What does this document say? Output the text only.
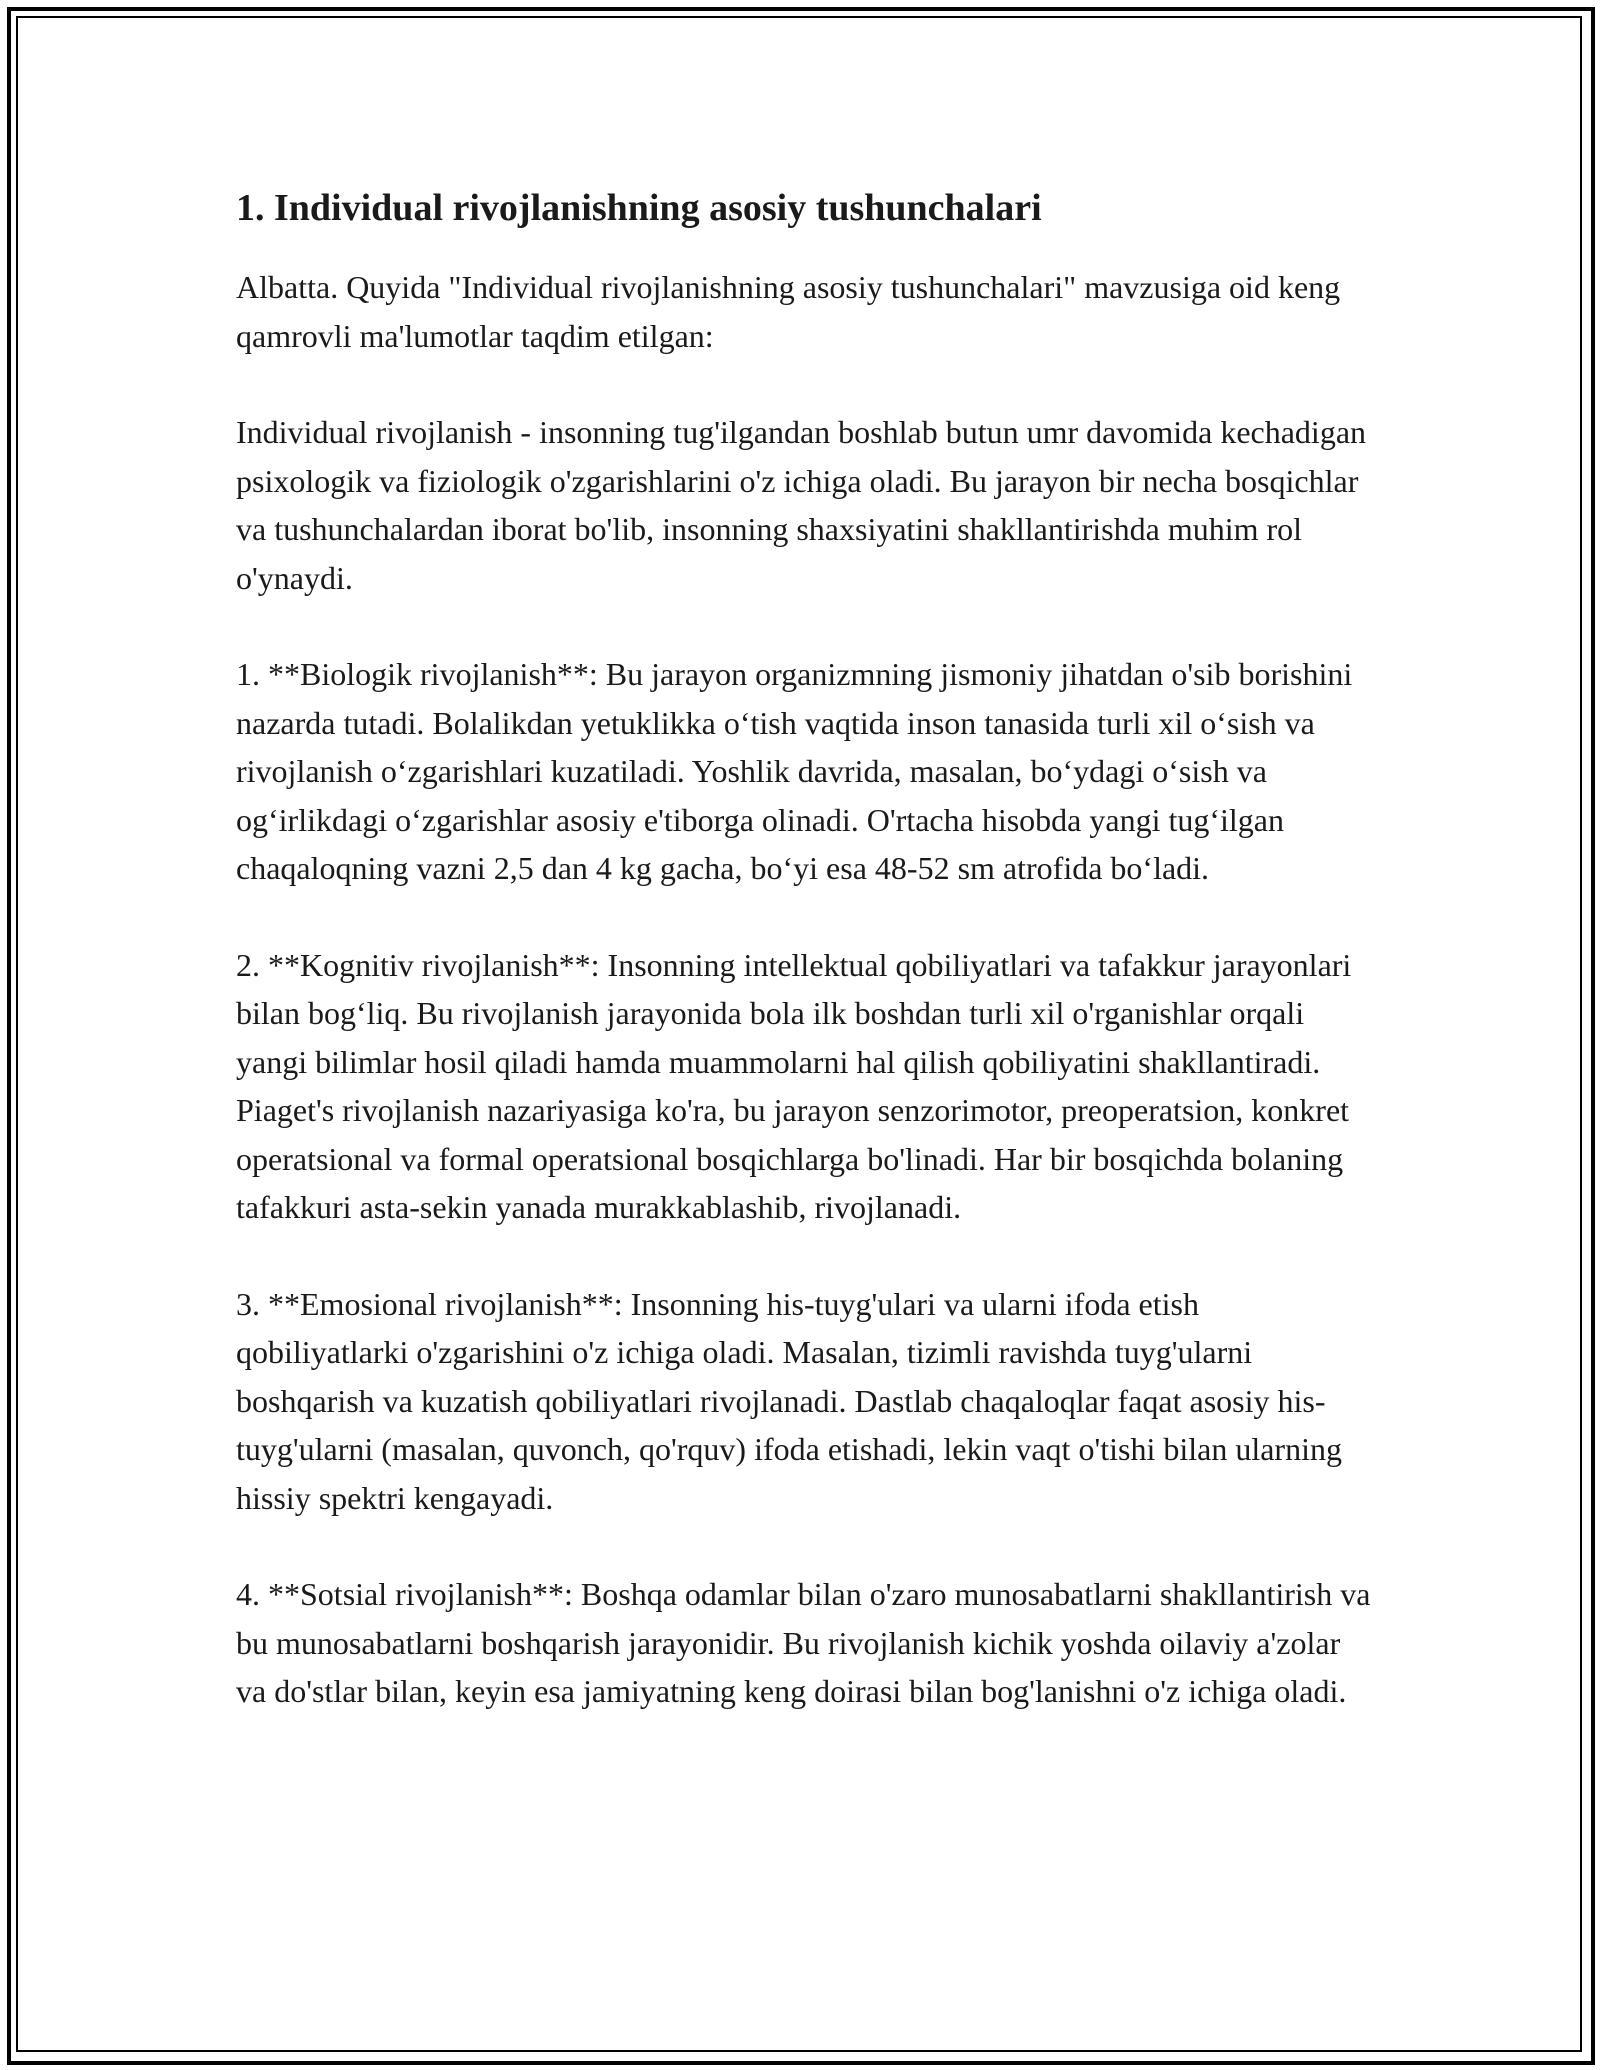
1. Individual rivojlanishning asosiy tushunchalari

Albatta. Quyida "Individual rivojlanishning asosiy tushunchalari" mavzusiga oid keng qamrovli ma'lumotlar taqdim etilgan:

Individual rivojlanish - insonning tug'ilgandan boshlab butun umr davomida kechadigan psixologik va fiziologik o'zgarishlarini o'z ichiga oladi. Bu jarayon bir necha bosqichlar va tushunchalardan iborat bo'lib, insonning shaxsiyatini shakllantirishda muhim rol o'ynaydi.

1. **Biologik rivojlanish**: Bu jarayon organizmning jismoniy jihatdan o'sib borishini nazarda tutadi. Bolalikdan yetuklikka o‘tish vaqtida inson tanasida turli xil o‘sish va rivojlanish o‘zgarishlari kuzatiladi. Yoshlik davrida, masalan, bo‘ydagi o‘sish va og‘irlikdagi o‘zgarishlar asosiy e'tiborga olinadi. O'rtacha hisobda yangi tug‘ilgan chaqaloqning vazni 2,5 dan 4 kg gacha, bo‘yi esa 48-52 sm atrofida bo‘ladi.

2. **Kognitiv rivojlanish**: Insonning intellektual qobiliyatlari va tafakkur jarayonlari bilan bog‘liq. Bu rivojlanish jarayonida bola ilk boshdan turli xil o'rganishlar orqali yangi bilimlar hosil qiladi hamda muammolarni hal qilish qobiliyatini shakllantiradi. Piaget's rivojlanish nazariyasiga ko'ra, bu jarayon senzorimotor, preoperatsion, konkret operatsional va formal operatsional bosqichlarga bo'linadi. Har bir bosqichda bolaning tafakkuri asta-sekin yanada murakkablashib, rivojlanadi.

3. **Emosional rivojlanish**: Insonning his-tuyg'ulari va ularni ifoda etish qobiliyatlarki o'zgarishini o'z ichiga oladi. Masalan, tizimli ravishda tuyg'ularni boshqarish va kuzatish qobiliyatlari rivojlanadi. Dastlab chaqaloqlar faqat asosiy his-tuyg'ularni (masalan, quvonch, qo'rquv) ifoda etishadi, lekin vaqt o'tishi bilan ularning hissiy spektri kengayadi.

4. **Sotsial rivojlanish**: Boshqa odamlar bilan o'zaro munosabatlarni shakllantirish va bu munosabatlarni boshqarish jarayonidir. Bu rivojlanish kichik yoshda oilaviy a'zolar va do'stlar bilan, keyin esa jamiyatning keng doirasi bilan bog'lanishni o'z ichiga oladi.
